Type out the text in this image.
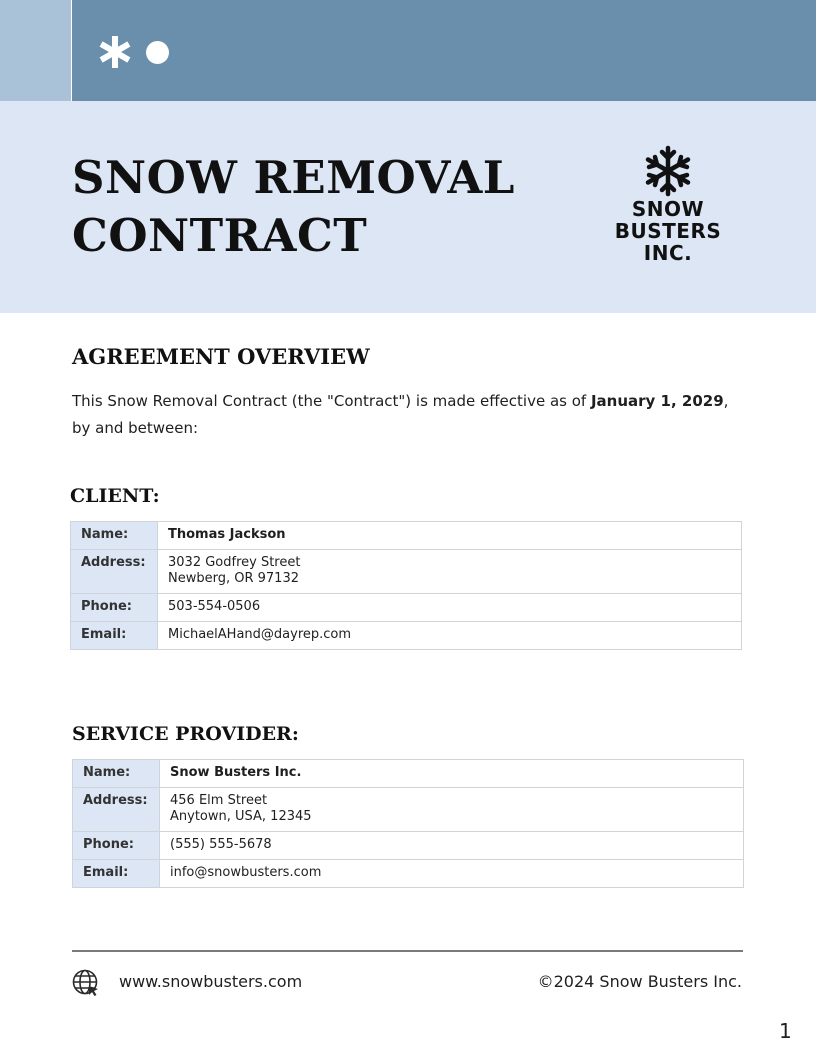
SNOW REMOVAL
CONTRACT	SNOW
BUSTERS
INC.
AGREEMENT OVERVIEW

This Snow Removal Contract (the "Contract") is made effective as of January 1, 2029, by and between:

CLIENT:
Name:	Thomas Jackson
Address:	3032 Godfrey Street
Newberg, OR 97132

Phone:	503-554-0506
Email:	MichaelAHand@dayrep.com
SERVICE PROVIDER:
Name:	Snow Busters Inc.
Address:	456 Elm Street
Anytown, USA, 12345

Phone:	(555) 555-5678
Email:	info@snowbusters.com
www.snowbusters.com	©2024 Snow Busters Inc.
1
